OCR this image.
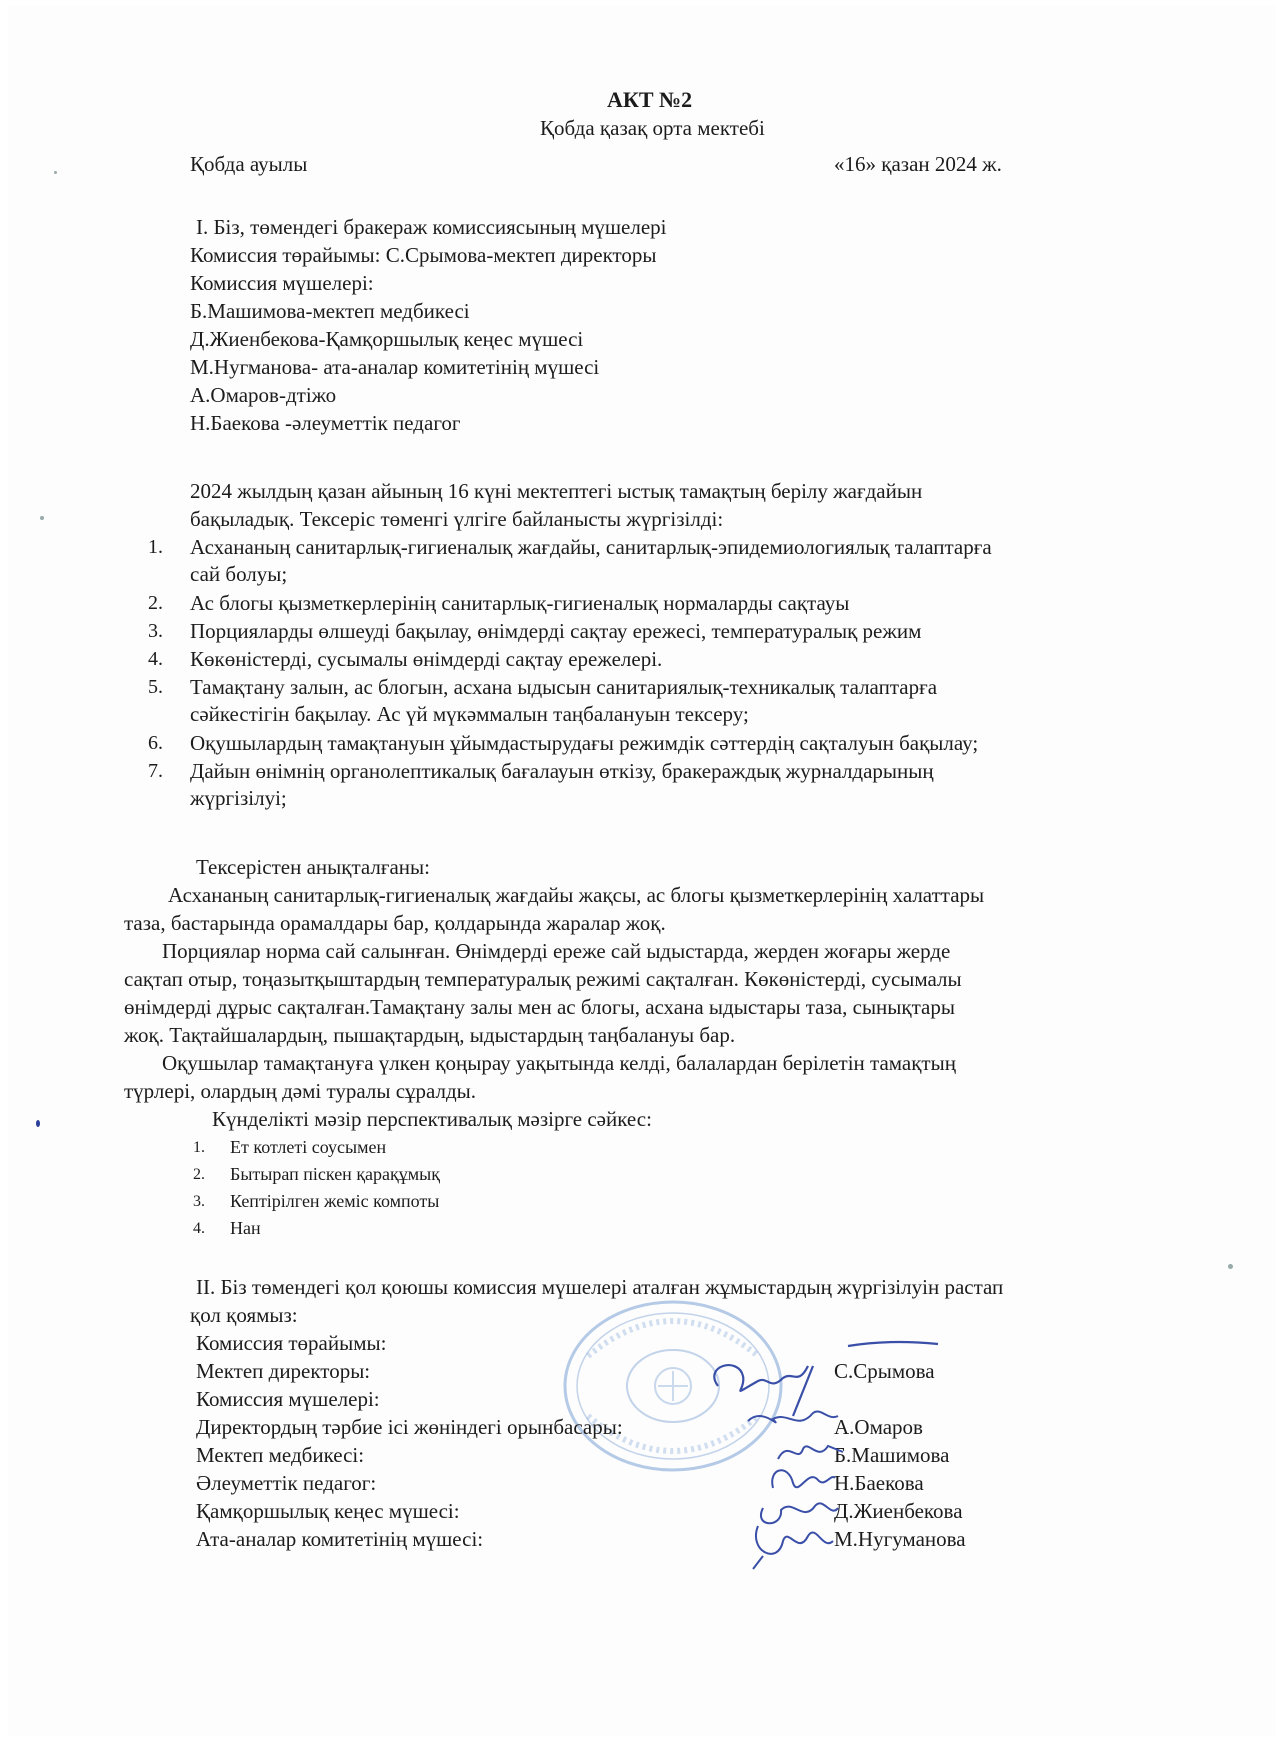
АКТ №2
Қобда қазақ орта мектебі
Қобда ауылы	«16» қазан 2024 ж.
I. Біз, төмендегі бракераж комиссиясының мүшелері
Комиссия төрайымы: С.Срымова-мектеп директоры
Комиссия мүшелері:
Б.Машимова-мектеп медбикесі
Д.Жиенбекова-Қамқоршылық кеңес мүшесі
М.Нугманова- ата-аналар комитетінің мүшесі
А.Омаров-дтіжо
Н.Баекова -әлеуметтік педагог
2024 жылдың қазан айының 16 күні мектептегі ыстық тамақтың берілу жағдайын
бақыладық. Тексеріс төменгі үлгіге байланысты жүргізілді:
1. Асхананың санитарлық-гигиеналық жағдайы, санитарлық-эпидемиологиялық талаптарға
сай болуы;
2. Ас блогы қызметкерлерінің санитарлық-гигиеналық нормаларды сақтауы
3. Порцияларды өлшеуді бақылау, өнімдерді сақтау ережесі, температуралық режим
4. Көкөністерді, сусымалы өнімдерді сақтау ережелері.
5. Тамақтану залын, ас блогын, асхана ыдысын санитариялық-техникалық талаптарға
сәйкестігін бақылау. Ас үй мүкәммалын таңбалануын тексеру;
6. Оқушылардың тамақтануын ұйымдастырудағы режимдік сәттердің сақталуын бақылау;
7. Дайын өнімнің органолептикалық бағалауын өткізу, бракераждық журналдарының
жүргізілуі;
Тексерістен анықталғаны:
Асхананың санитарлық-гигиеналық жағдайы жақсы, ас блогы қызметкерлерінің халаттары
таза, бастарында орамалдары бар, қолдарында жаралар жоқ.
Порциялар норма сай салынған. Өнімдерді ереже сай ыдыстарда, жерден жоғары жерде
сақтап отыр, тоңазытқыштардың температуралық режимі сақталған. Көкөністерді, сусымалы
өнімдерді дұрыс сақталған.Тамақтану залы мен ас блогы, асхана ыдыстары таза, сынықтары
жоқ. Тақтайшалардың, пышақтардың, ыдыстардың таңбалануы бар.
Оқушылар тамақтануға үлкен қоңырау уақытында келді, балалардан берілетін тамақтың
түрлері, олардың дәмі туралы сұралды.
Күнделікті мәзір перспективалық мәзірге сәйкес:
1. Ет котлеті соусымен
2. Бытырап піскен қарақұмық
3. Кептірілген жеміс компоты
4. Нан
II. Біз төмендегі қол қоюшы комиссия мүшелері аталған жұмыстардың жүргізілуін растап
қол қоямыз:
Комиссия төрайымы:
Мектеп директоры:	С.Срымова
Комиссия мүшелері:
Директордың тәрбие ісі жөніндегі орынбасары:	А.Омаров
Мектеп медбикесі:	Б.Машимова
Әлеуметтік педагог:	Н.Баекова
Қамқоршылық кеңес мүшесі:	Д.Жиенбекова
Ата-аналар комитетінің мүшесі:	М.Нугуманова
